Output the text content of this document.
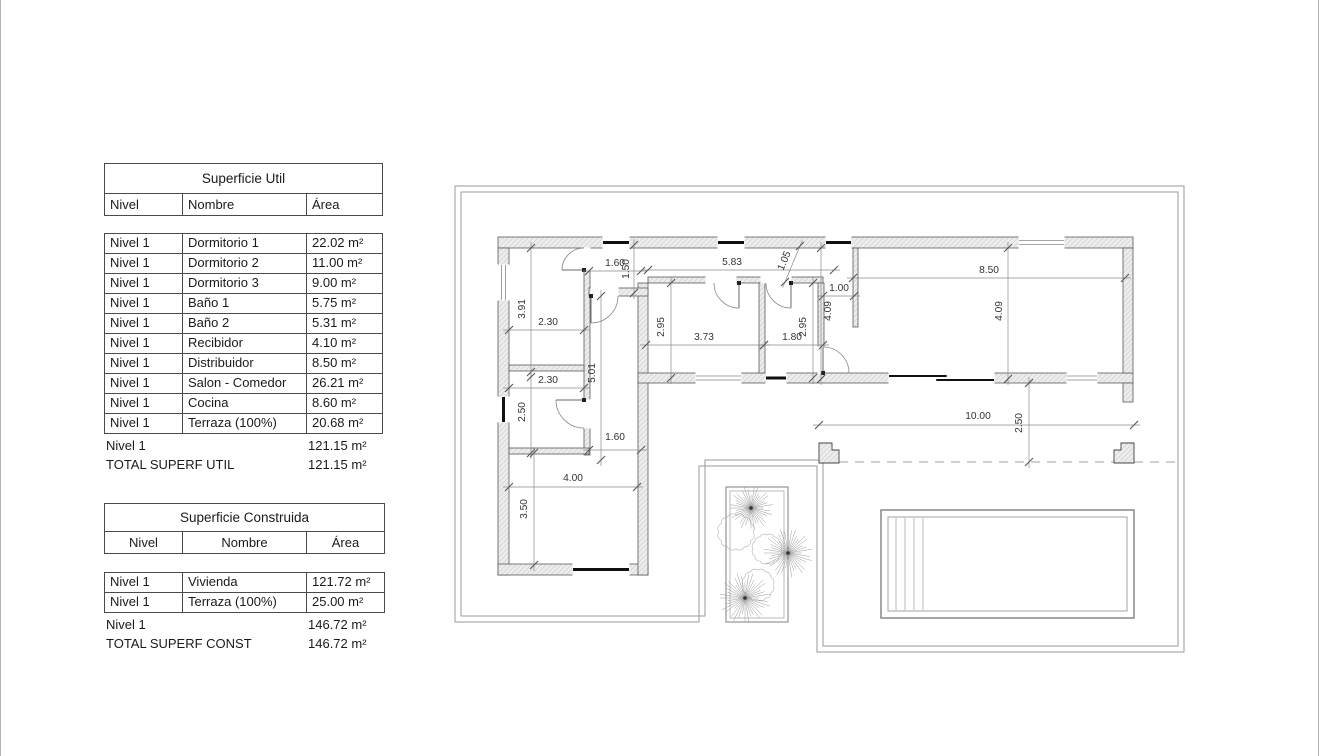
1.60
1.50	5.83	1.05	8.50
1.00
4.09	4.09
3.91
2.30
2.30
2.50
5.01
2.95
3.73	1.80
2.95
1.60
4.00
3.50
10.00 2.50
Superficie Util
Nivel	Nombre	Área
Nivel 1	Dormitorio 1	22.02 m²
Nivel 1	Dormitorio 2	11.00 m²
Nivel 1	Dormitorio 3	9.00 m²
Nivel 1	Baño 1	5.75 m²
Nivel 1	Baño 2	5.31 m²
Nivel 1	Recibidor	4.10 m²
Nivel 1	Distribuidor	8.50 m²
Nivel 1	Salon - Comedor	26.21 m²
Nivel 1	Cocina	8.60 m²
Nivel 1	Terraza (100%)	20.68 m²
Nivel 1	121.15 m²
TOTAL SUPERF UTIL	121.15 m²
Superficie Construida
Nivel	Nombre	Área
Nivel 1	Vivienda	121.72 m²
Nivel 1	Terraza (100%)	25.00 m²
Nivel 1	146.72 m²
TOTAL SUPERF CONST	146.72 m²
